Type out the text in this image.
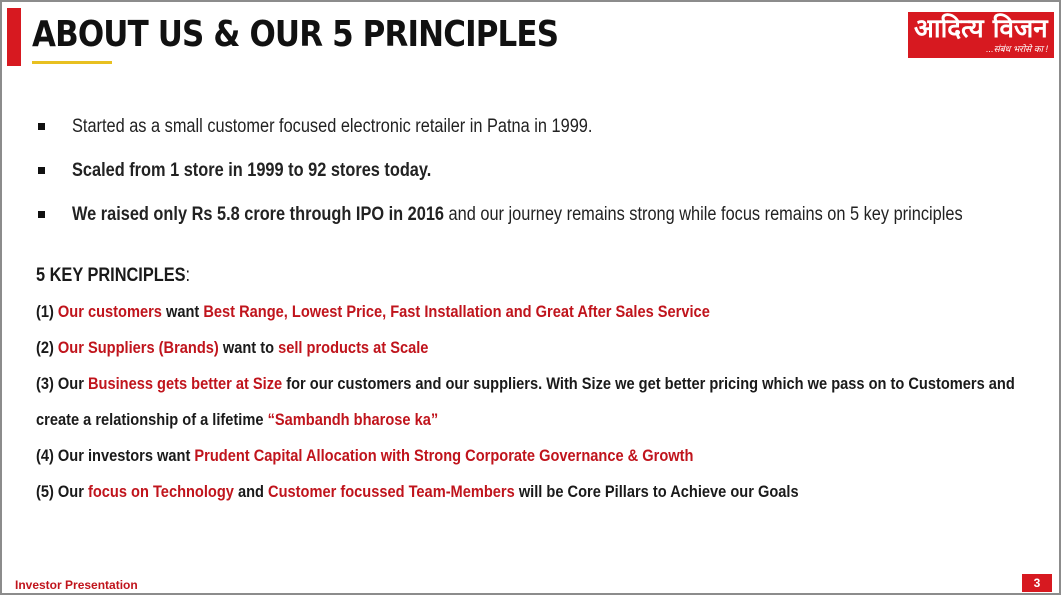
ABOUT US & OUR 5 PRINCIPLES	आदित्य विजन
...संबंध भरोसे का !
Started as a small customer focused electronic retailer in Patna in 1999.
Scaled from 1 store in 1999 to 92 stores today.
We raised only Rs 5.8 crore through IPO in 2016 and our journey remains strong while focus remains on 5 key principles
5 KEY PRINCIPLES:
(1) Our customers want Best Range, Lowest Price, Fast Installation and Great After Sales Service
(2) Our Suppliers (Brands) want to sell products at Scale
(3) Our Business gets better at Size for our customers and our suppliers. With Size we get better pricing which we pass on to Customers and
create a relationship of a lifetime “Sambandh bharose ka”
(4) Our investors want Prudent Capital Allocation with Strong Corporate Governance & Growth
(5) Our focus on Technology and Customer focussed Team-Members will be Core Pillars to Achieve our Goals
Investor Presentation	3
